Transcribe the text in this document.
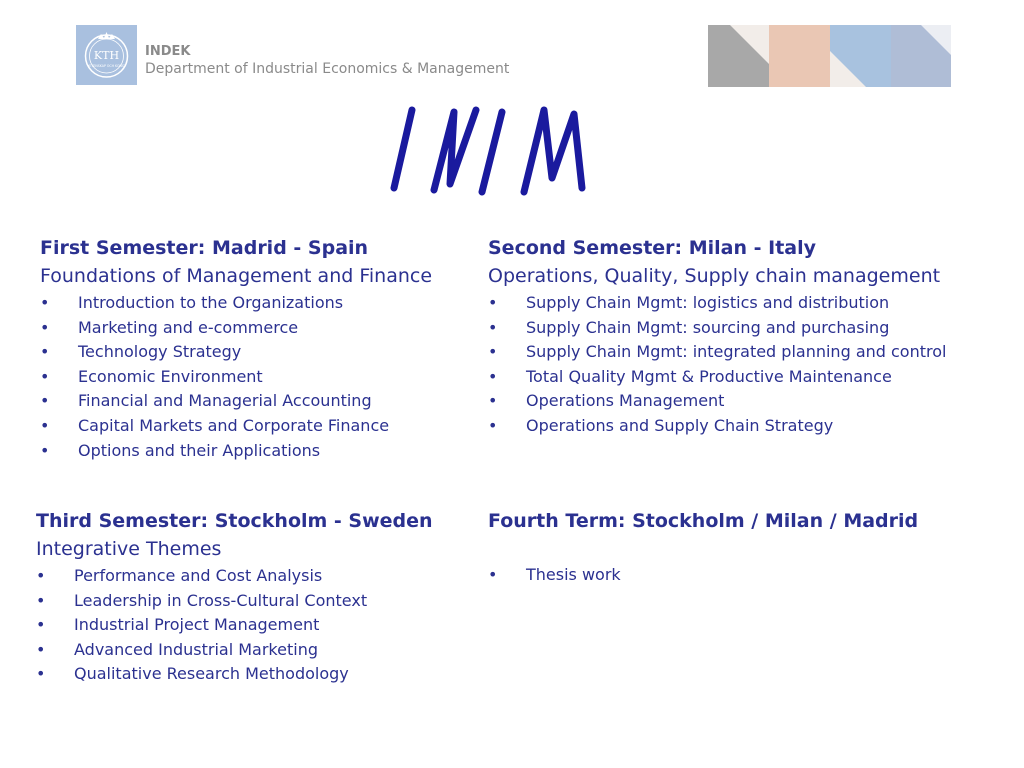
KTH
VETENSKAP OCH KONST
INDEK
Department of Industrial Economics & Management
First Semester: Madrid - Spain
Foundations of Management and Finance
• Introduction to the Organizations
• Marketing and e-commerce
• Technology Strategy
• Economic Environment
• Financial and Managerial Accounting
• Capital Markets and Corporate Finance
• Options and their Applications
Second Semester: Milan - Italy
Operations, Quality, Supply chain management
• Supply Chain Mgmt: logistics and distribution
• Supply Chain Mgmt: sourcing and purchasing
• Supply Chain Mgmt: integrated planning and control
• Total Quality Mgmt & Productive Maintenance
• Operations Management
• Operations and Supply Chain Strategy
Third Semester: Stockholm - Sweden
Integrative Themes
• Performance and Cost Analysis
• Leadership in Cross-Cultural Context
• Industrial Project Management
• Advanced Industrial Marketing
• Qualitative Research Methodology
Fourth Term: Stockholm / Milan / Madrid
• Thesis work
